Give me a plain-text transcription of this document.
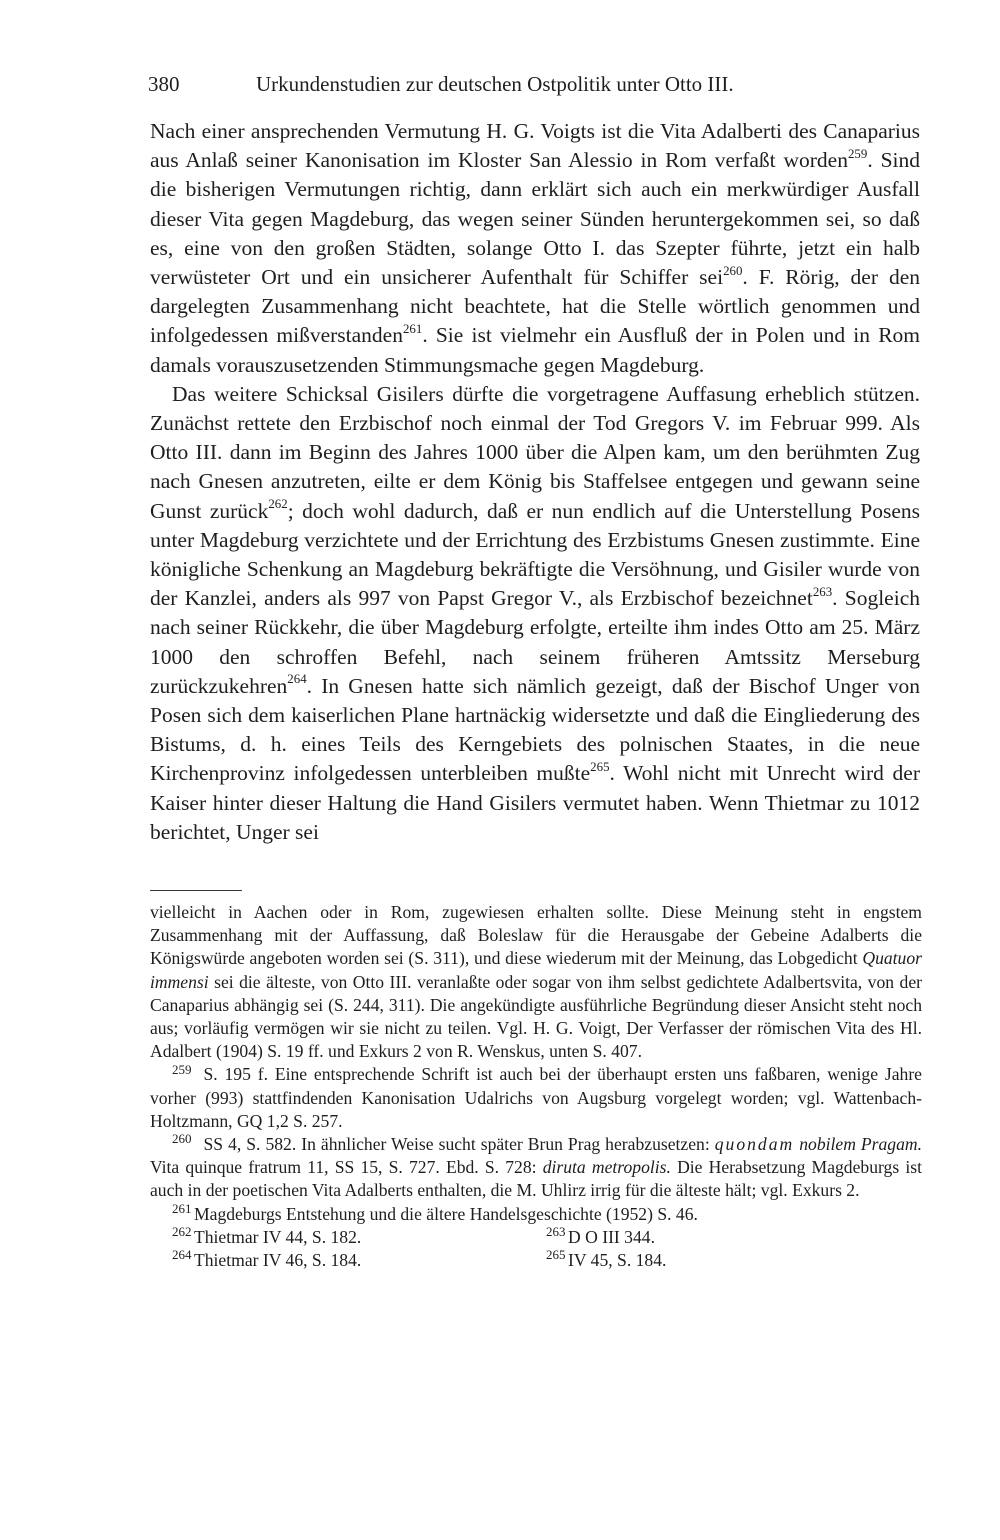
380	Urkundenstudien zur deutschen Ostpolitik unter Otto III.

Nach einer ansprechenden Vermutung H. G. Voigts ist die Vita Adalberti des Canaparius aus Anlaß seiner Kanonisation im Kloster San Alessio in Rom verfaßt worden$^{259}$. Sind die bisherigen Vermutungen richtig, dann erklärt sich auch ein merkwürdiger Ausfall dieser Vita gegen Magdeburg, das wegen seiner Sünden heruntergekommen sei, so daß es, eine von den großen Städten, solange Otto I. das Szepter führte, jetzt ein halb verwüsteter Ort und ein unsicherer Aufenthalt für Schiffer sei$^{260}$. F. Rörig, der den dargelegten Zusammenhang nicht beachtete, hat die Stelle wörtlich genommen und infolgedessen mißverstanden$^{261}$. Sie ist vielmehr ein Ausfluß der in Polen und in Rom damals vorauszusetzenden Stimmungsmache gegen Magdeburg.

Das weitere Schicksal Gisilers dürfte die vorgetragene Auffasung erheblich stützen. Zunächst rettete den Erzbischof noch einmal der Tod Gregors V. im Februar 999. Als Otto III. dann im Beginn des Jahres 1000 über die Alpen kam, um den berühmten Zug nach Gnesen anzutreten, eilte er dem König bis Staffelsee entgegen und gewann seine Gunst zurück$^{262}$; doch wohl dadurch, daß er nun endlich auf die Unterstellung Posens unter Magdeburg verzichtete und der Errichtung des Erzbistums Gnesen zustimmte. Eine königliche Schenkung an Magdeburg bekräftigte die Versöhnung, und Gisiler wurde von der Kanzlei, anders als 997 von Papst Gregor V., als Erzbischof bezeichnet$^{263}$. Sogleich nach seiner Rückkehr, die über Magdeburg erfolgte, erteilte ihm indes Otto am 25. März 1000 den schroffen Befehl, nach seinem früheren Amtssitz Merseburg zurückzukehren$^{264}$. In Gnesen hatte sich nämlich gezeigt, daß der Bischof Unger von Posen sich dem kaiserlichen Plane hartnäckig widersetzte und daß die Eingliederung des Bistums, d. h. eines Teils des Kerngebiets des polnischen Staates, in die neue Kirchenprovinz infolgedessen unterbleiben mußte$^{265}$. Wohl nicht mit Unrecht wird der Kaiser hinter dieser Haltung die Hand Gisilers vermutet haben. Wenn Thietmar zu 1012 berichtet, Unger sei

vielleicht in Aachen oder in Rom, zugewiesen erhalten sollte. Diese Meinung steht in engstem Zusammenhang mit der Auffassung, daß Boleslaw für die Herausgabe der Gebeine Adalberts die Königswürde angeboten worden sei (S. 311), und diese wiederum mit der Meinung, das Lobgedicht Quatuor immensi sei die älteste, von Otto III. veranlaßte oder sogar von ihm selbst gedichtete Adalbertsvita, von der Canaparius abhängig sei (S. 244, 311). Die angekündigte ausführliche Begründung dieser Ansicht steht noch aus; vorläufig vermögen wir sie nicht zu teilen. Vgl. H. G. Voigt, Der Verfasser der römischen Vita des Hl. Adalbert (1904) S. 19 ff. und Exkurs 2 von R. Wenskus, unten S. 407.

$^{259}$ S. 195 f. Eine entsprechende Schrift ist auch bei der überhaupt ersten uns faßbaren, wenige Jahre vorher (993) stattfindenden Kanonisation Udalrichs von Augsburg vorgelegt worden; vgl. Wattenbach-Holtzmann, GQ 1,2 S. 257.

$^{260}$ SS 4, S. 582. In ähnlicher Weise sucht später Brun Prag herabzusetzen: quondam nobilem Pragam. Vita quinque fratrum 11, SS 15, S. 727. Ebd. S. 728: diruta metropolis. Die Herabsetzung Magdeburgs ist auch in der poetischen Vita Adalberts enthalten, die M. Uhlirz irrig für die älteste hält; vgl. Exkurs 2.

261 Magdeburgs Entstehung und die ältere Handelsgeschichte (1952) S. 46.

262 Thietmar IV 44, S. 182.	263 D O III 344.

264 Thietmar IV 46, S. 184.	265 IV 45, S. 184.
